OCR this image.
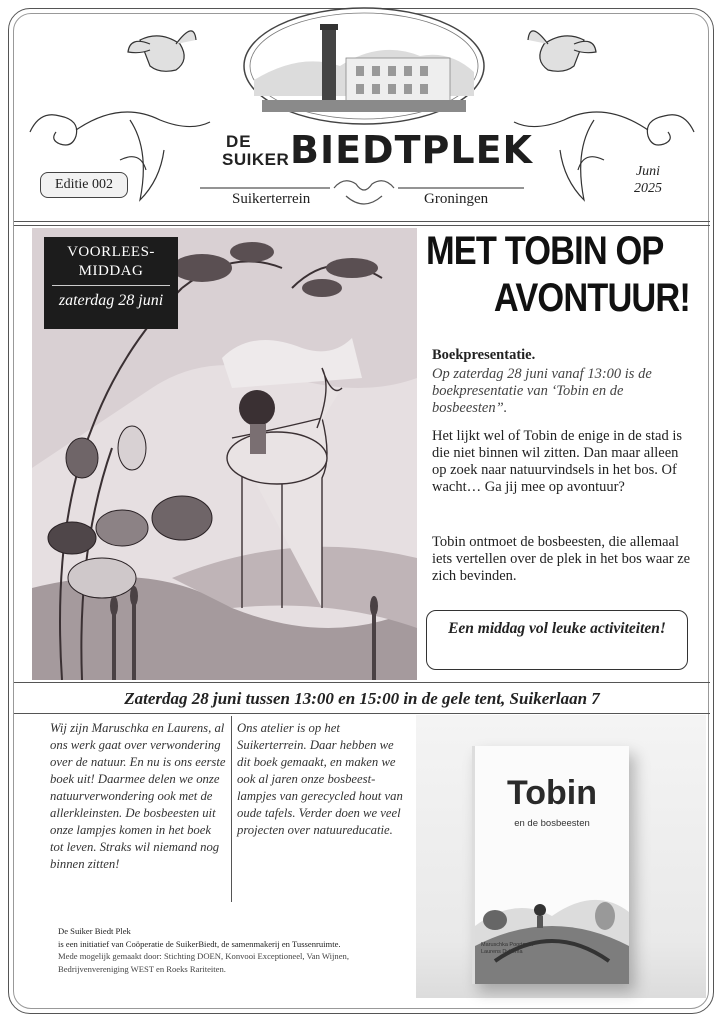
Editie 002
DE
SUIKER BIEDTPLEK
Suikerterrein	Groningen
Juni
2025
VOORLEES-
MIDDAG
zaterdag 28 juni
MET TOBIN OP
AVONTUUR!
Boekpresentatie.
Op zaterdag 28 juni vanaf 13:00 is de boekpresentatie van ‘Tobin en de bosbeesten”.
Het lijkt wel of Tobin de enige in de stad is die niet binnen wil zitten. Dan maar alleen op zoek naar natuurvindsels in het bos. Of wacht… Ga jij mee op avontuur?
Tobin ontmoet de bosbeesten, die allemaal iets vertellen over de plek in het bos waar ze zich bevinden.
Een middag vol leuke activiteiten!
Zaterdag 28 juni tussen 13:00 en 15:00 in de gele tent, Suikerlaan 7
Wij zijn Maruschka en Laurens, al ons werk gaat over verwondering over de natuur. En nu is ons eerste boek uit! Daarmee delen we onze natuurverwondering ook met de allerkleinsten. De bosbeesten uit onze lampjes komen in het boek tot leven. Straks wil niemand nog binnen zitten!
Ons atelier is op het Suikerterrein. Daar hebben we dit boek gemaakt, en maken we ook al jaren onze bosbeest-lampjes van gerecycled hout van oude tafels. Verder doen we veel projecten over natuureducatie.
De Suiker Biedt Plek
is een initiatief van Coöperatie de SuikerBiedt, de samenmakerij en Tussenruimte.
Mede mogelijk gemaakt door: Stichting DOEN, Konvooi Exceptioneel, Van Wijnen,
Bedrijvenvereniging WEST en Roeks Rariteiten.
Tobin
en de bosbeesten
Maruschka Poortman
Laurens Dykema
